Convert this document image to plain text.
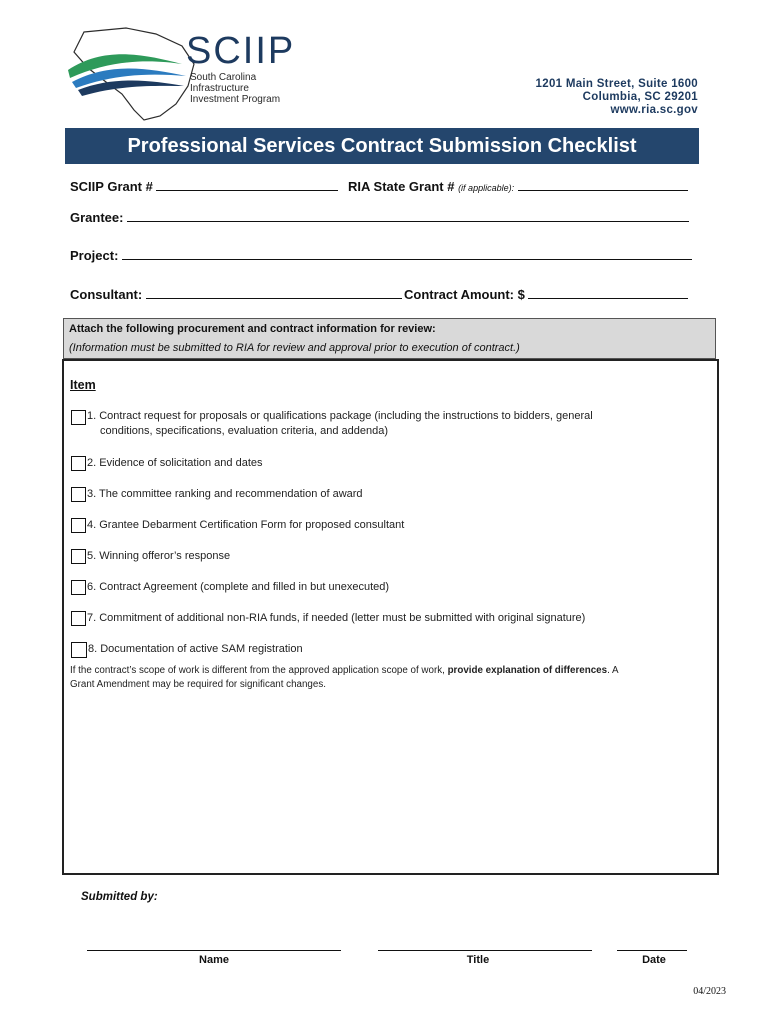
SCIIP
South Carolina
Infrastructure
Investment Program
1201 Main Street, Suite 1600
Columbia, SC 29201
www.ria.sc.gov
Professional Services Contract Submission Checklist
SCIIP Grant #	RIA State Grant # (if applicable):
Grantee:
Project:
Consultant:	Contract Amount: $
Attach the following procurement and contract information for review:
(Information must be submitted to RIA for review and approval prior to execution of contract.)
Item
1. Contract request for proposals or qualifications package (including the instructions to bidders, general
conditions, specifications, evaluation criteria, and addenda)
2. Evidence of solicitation and dates
3. The committee ranking and recommendation of award
4. Grantee Debarment Certification Form for proposed consultant
5. Winning offeror’s response
6. Contract Agreement (complete and filled in but unexecuted)
7. Commitment of additional non-RIA funds, if needed (letter must be submitted with original signature)
8. Documentation of active SAM registration
If the contract’s scope of work is different from the approved application scope of work, provide explanation of differences. A Grant Amendment may be required for significant changes.
Submitted by:
Name	Title	Date
04/2023
